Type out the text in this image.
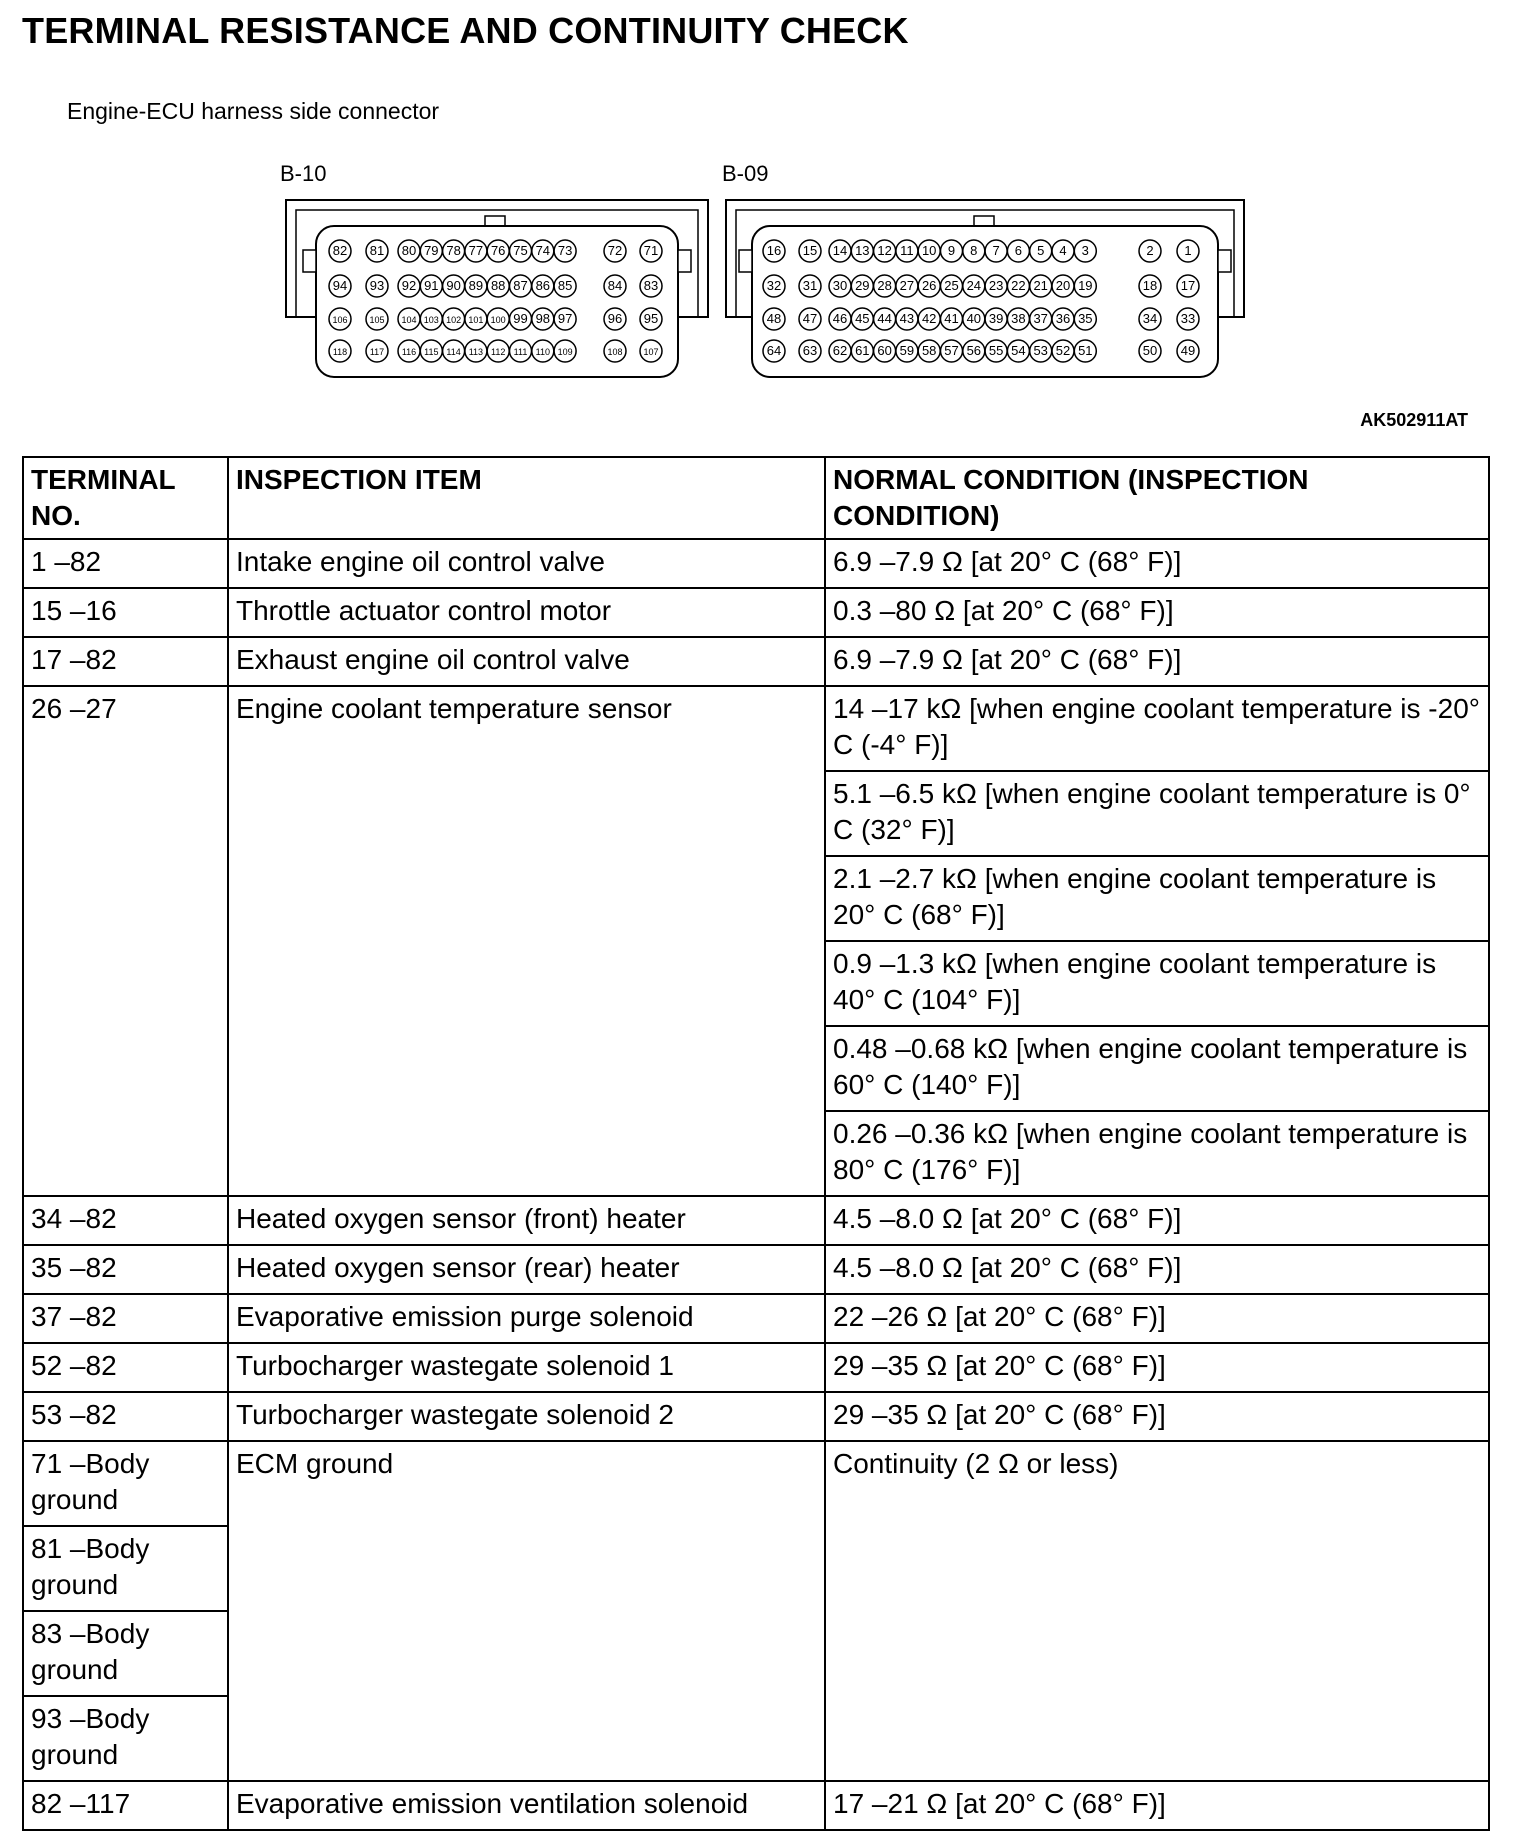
TERMINAL RESISTANCE AND CONTINUITY CHECK
Engine-ECU harness side connector
B-10
82 81 80 79 78 77 76 75 74 73	72 71
94 93 92 91 90 89 88 87 86 85	84 83
106 105 104 103 102 101 100 99 98 97	96 95
118	117 116 115 114 113 112 111 110 109	108 107
B-09
16 15 14 13 12 11 10 9 8 7 6 5 4 3	2 1
32 31 30 29 28 27 26 25 24 23 22 21 20 19	18 17
48 47 46 45 44 43 42 41 40 39 38 37 36 35	34 33
64 63 62 61 60 59 58 57 56 55 54 53 52 51	50 49
AK502911AT
TERMINAL NO.	INSPECTION ITEM	NORMAL CONDITION (INSPECTION CONDITION)
1 –82	Intake engine oil control valve	6.9 –7.9 Ω [at 20° C (68° F)]
15 –16	Throttle actuator control motor	0.3 –80 Ω [at 20° C (68° F)]
17 –82	Exhaust engine oil control valve	6.9 –7.9 Ω [at 20° C (68° F)]
26 –27	Engine coolant temperature sensor	14 –17 kΩ [when engine coolant temperature is -20° C (-4° F)]
		5.1 –6.5 kΩ [when engine coolant temperature is 0° C (32° F)]
		2.1 –2.7 kΩ [when engine coolant temperature is 20° C (68° F)]
		0.9 –1.3 kΩ [when engine coolant temperature is 40° C (104° F)]
		0.48 –0.68 kΩ [when engine coolant temperature is 60° C (140° F)]
		0.26 –0.36 kΩ [when engine coolant temperature is 80° C (176° F)]
34 –82	Heated oxygen sensor (front) heater	4.5 –8.0 Ω [at 20° C (68° F)]
35 –82	Heated oxygen sensor (rear) heater	4.5 –8.0 Ω [at 20° C (68° F)]
37 –82	Evaporative emission purge solenoid	22 –26 Ω [at 20° C (68° F)]
52 –82	Turbocharger wastegate solenoid 1	29 –35 Ω [at 20° C (68° F)]
53 –82	Turbocharger wastegate solenoid 2	29 –35 Ω [at 20° C (68° F)]
71 –Body ground	ECM ground	Continuity (2 Ω or less)
81 –Body ground		
83 –Body ground		
93 –Body ground		
82 –117	Evaporative emission ventilation solenoid	17 –21 Ω [at 20° C (68° F)]
